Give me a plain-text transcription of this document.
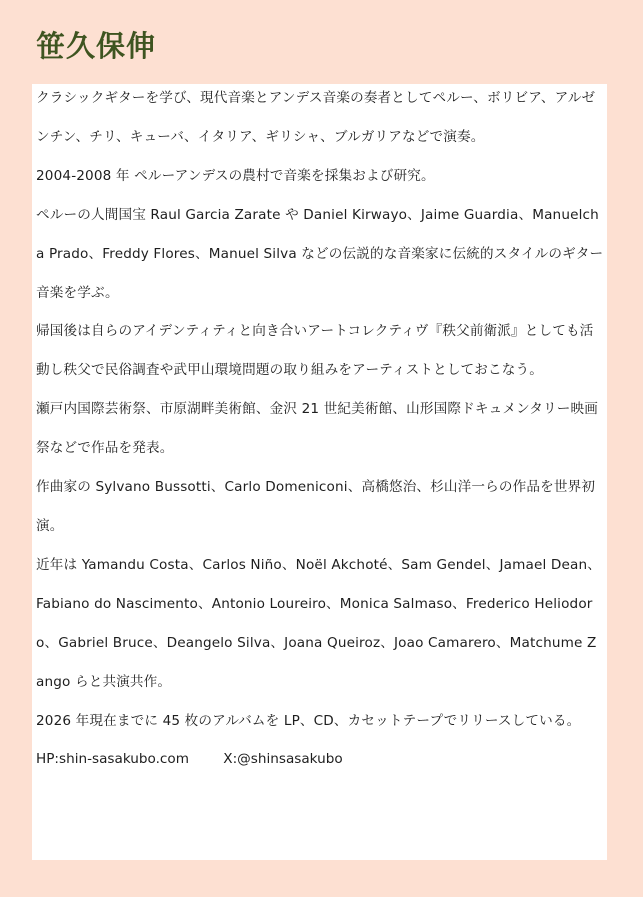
笹久保伸

クラシックギターを学び、現代音楽とアンデス音楽の奏者としてペルー、ボリビア、アルゼンチン、チリ、キューバ、イタリア、ギリシャ、ブルガリアなどで演奏。

2004-2008 年 ペルーアンデスの農村で音楽を採集および研究。

ペルーの人間国宝 Raul Garcia Zarate や Daniel Kirwayo、Jaime Guardia、Manuelcha Prado、Freddy Flores、Manuel Silva などの伝説的な音楽家に伝統的スタイルのギター音楽を学ぶ。

帰国後は自らのアイデンティティと向き合いアートコレクティヴ『秩父前衛派』としても活動し秩父で民俗調査や武甲山環境問題の取り組みをアーティストとしておこなう。

瀬戸内国際芸術祭、市原湖畔美術館、金沢 21 世紀美術館、山形国際ドキュメンタリー映画祭などで作品を発表。

作曲家の Sylvano Bussotti、Carlo Domeniconi、高橋悠治、杉山洋一らの作品を世界初演。

近年は Yamandu Costa、Carlos Niño、Noël Akchoté、Sam Gendel、Jamael Dean、Fabiano do Nascimento、Antonio Loureiro、Monica Salmaso、Frederico Heliodoro、Gabriel Bruce、Deangelo Silva、Joana Queiroz、Joao Camarero、Matchume Zango らと共演共作。

2026 年現在までに 45 枚のアルバムを LP、CD、カセットテープでリリースしている。

HP:shin-sasakubo.com	X:@shinsasakubo
